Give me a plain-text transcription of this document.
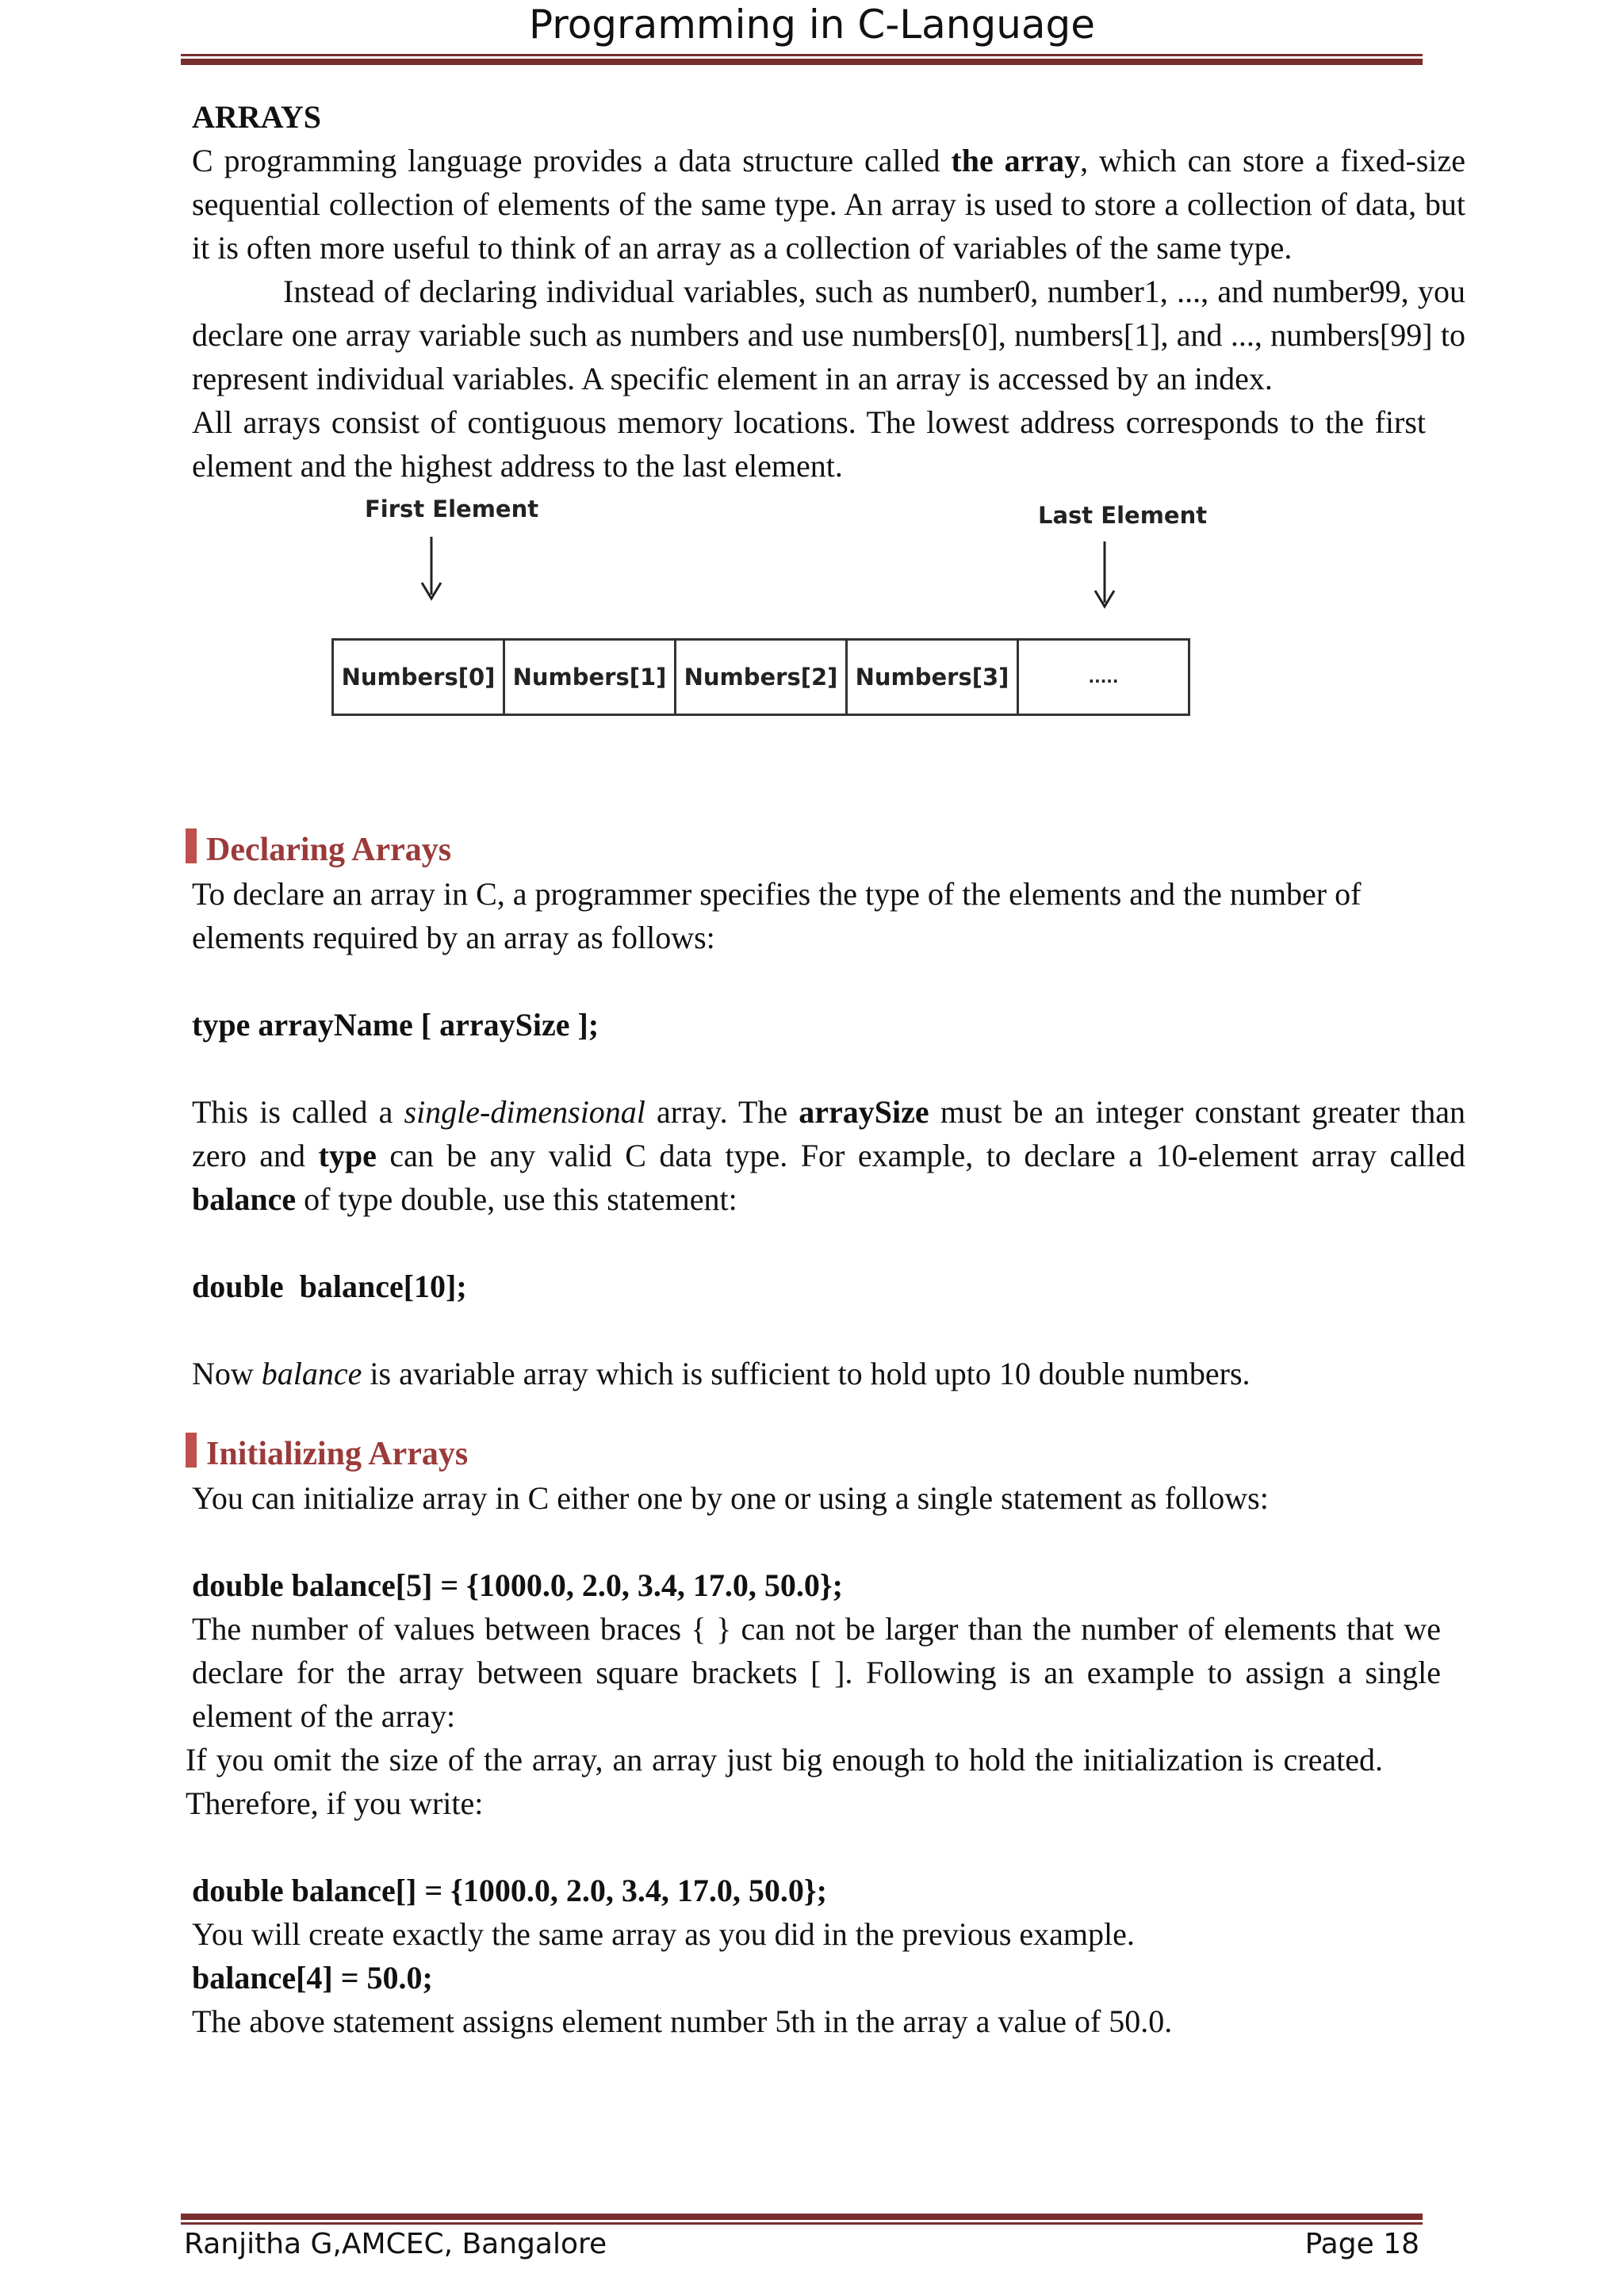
Programming in C-Language

ARRAYS

C programming language provides a data structure called the array, which can store a fixed-size sequential collection of elements of the same type. An array is used to store a collection of data, but it is often more useful to think of an array as a collection of variables of the same type.

Instead of declaring individual variables, such as number0, number1, ..., and number99, you declare one array variable such as numbers and use numbers[0], numbers[1], and ..., numbers[99] to represent individual variables. A specific element in an array is accessed by an index.

All arrays consist of contiguous memory locations. The lowest address corresponds to the first element and the highest address to the last element.

First Element	Last Element
Numbers[0] Numbers[1] Numbers[2] Numbers[3]	.....

Declaring Arrays

To declare an array in C, a programmer specifies the type of the elements and the number of elements required by an array as follows:

type arrayName [ arraySize ];

This is called a single-dimensional array. The arraySize must be an integer constant greater than zero and type can be any valid C data type. For example, to declare a 10-element array called balance of type double, use this statement:

double  balance[10];

Now balance is avariable array which is sufficient to hold upto 10 double numbers.

Initializing Arrays

You can initialize array in C either one by one or using a single statement as follows:

double balance[5] = {1000.0, 2.0, 3.4, 17.0, 50.0};

The number of values between braces { } can not be larger than the number of elements that we declare for the array between square brackets [ ]. Following is an example to assign a single element of the array:

If you omit the size of the array, an array just big enough to hold the initialization is created. Therefore, if you write:

double balance[] = {1000.0, 2.0, 3.4, 17.0, 50.0};

You will create exactly the same array as you did in the previous example.

balance[4] = 50.0;

The above statement assigns element number 5th in the array a value of 50.0.

Ranjitha G,AMCEC, Bangalore	Page 18
